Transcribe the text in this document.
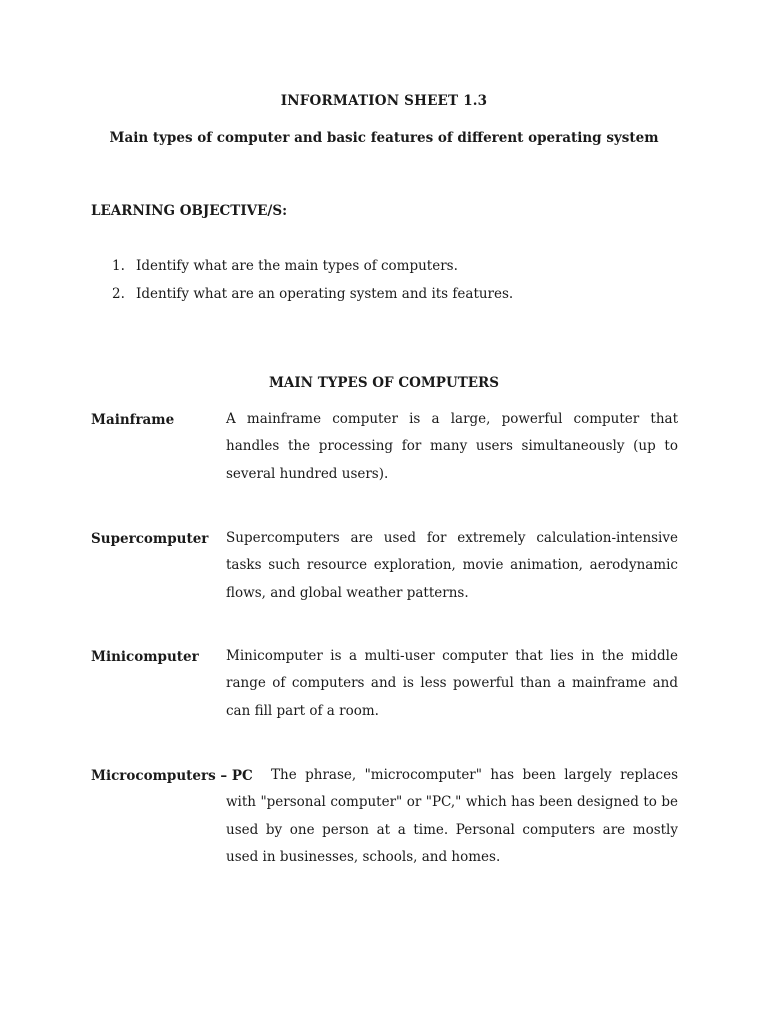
INFORMATION SHEET 1.3
Main types of computer and basic features of different operating system
LEARNING OBJECTIVE/S:
1. Identify what are the main types of computers.
2. Identify what are an operating system and its features.
MAIN TYPES OF COMPUTERS
Mainframe	A mainframe computer is a large, powerful computer that handles the processing for many users simultaneously (up to several hundred users).

Supercomputer Supercomputers are used for extremely calculation-intensive tasks such resource exploration, movie animation, aerodynamic flows, and global weather patterns.

Minicomputer Minicomputer is a multi-user computer that lies in the middle range of computers and is less powerful than a mainframe and can fill part of a room.

Microcomputers – PC	The phrase, "microcomputer" has been largely replaces with "personal computer" or "PC," which has been designed to be used by one person at a time. Personal computers are mostly used in businesses, schools, and homes.
